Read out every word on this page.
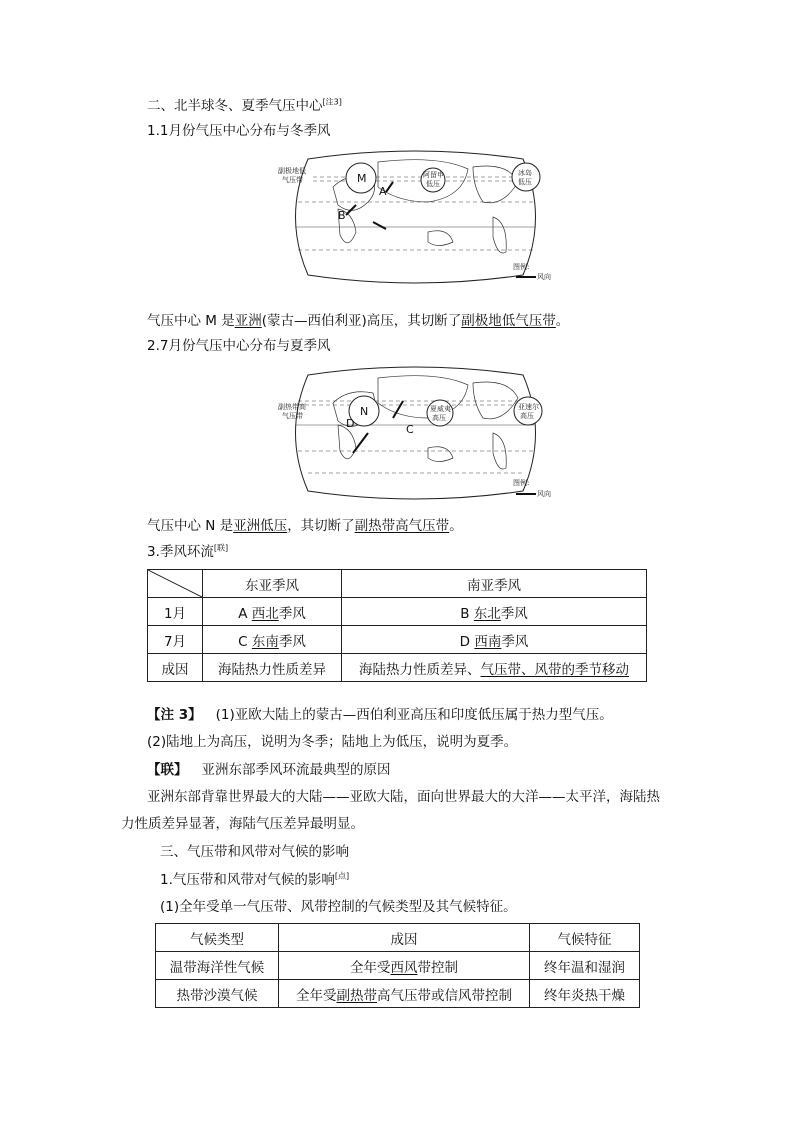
二、北半球冬、夏季气压中心[注3]
1.1月份气压中心分布与冬季风
M	阿留申
低压
冰岛
低压
副极地低
气压带
A
B
图例:
风向
气压中心 M 是亚洲(蒙古—西伯利亚)高压，其切断了副极地低气压带。
2.7月份气压中心分布与夏季风
N	夏威夷
高压
亚速尔
高压
副热带高
气压带
C
D
图例:
风向
气压中心 N 是亚洲低压，其切断了副热带高气压带。
3.季风环流[联]
	东亚季风	南亚季风
1月	A 西北季风	B 东北季风
7月	C 东南季风	D 西南季风
成因	海陆热力性质差异	海陆热力性质差异、气压带、风带的季节移动
【注 3】 (1)亚欧大陆上的蒙古—西伯利亚高压和印度低压属于热力型气压。
(2)陆地上为高压，说明为冬季；陆地上为低压，说明为夏季。
【联】 亚洲东部季风环流最典型的原因
亚洲东部背靠世界最大的大陆——亚欧大陆，面向世界最大的大洋——太平洋，海陆热
力性质差异显著，海陆气压差异最明显。
三、气压带和风带对气候的影响
1.气压带和风带对气候的影响[点]
(1)全年受单一气压带、风带控制的气候类型及其气候特征。
气候类型	成因	气候特征
温带海洋性气候	全年受西风带控制	终年温和湿润
热带沙漠气候	全年受副热带高气压带或信风带控制	终年炎热干燥
